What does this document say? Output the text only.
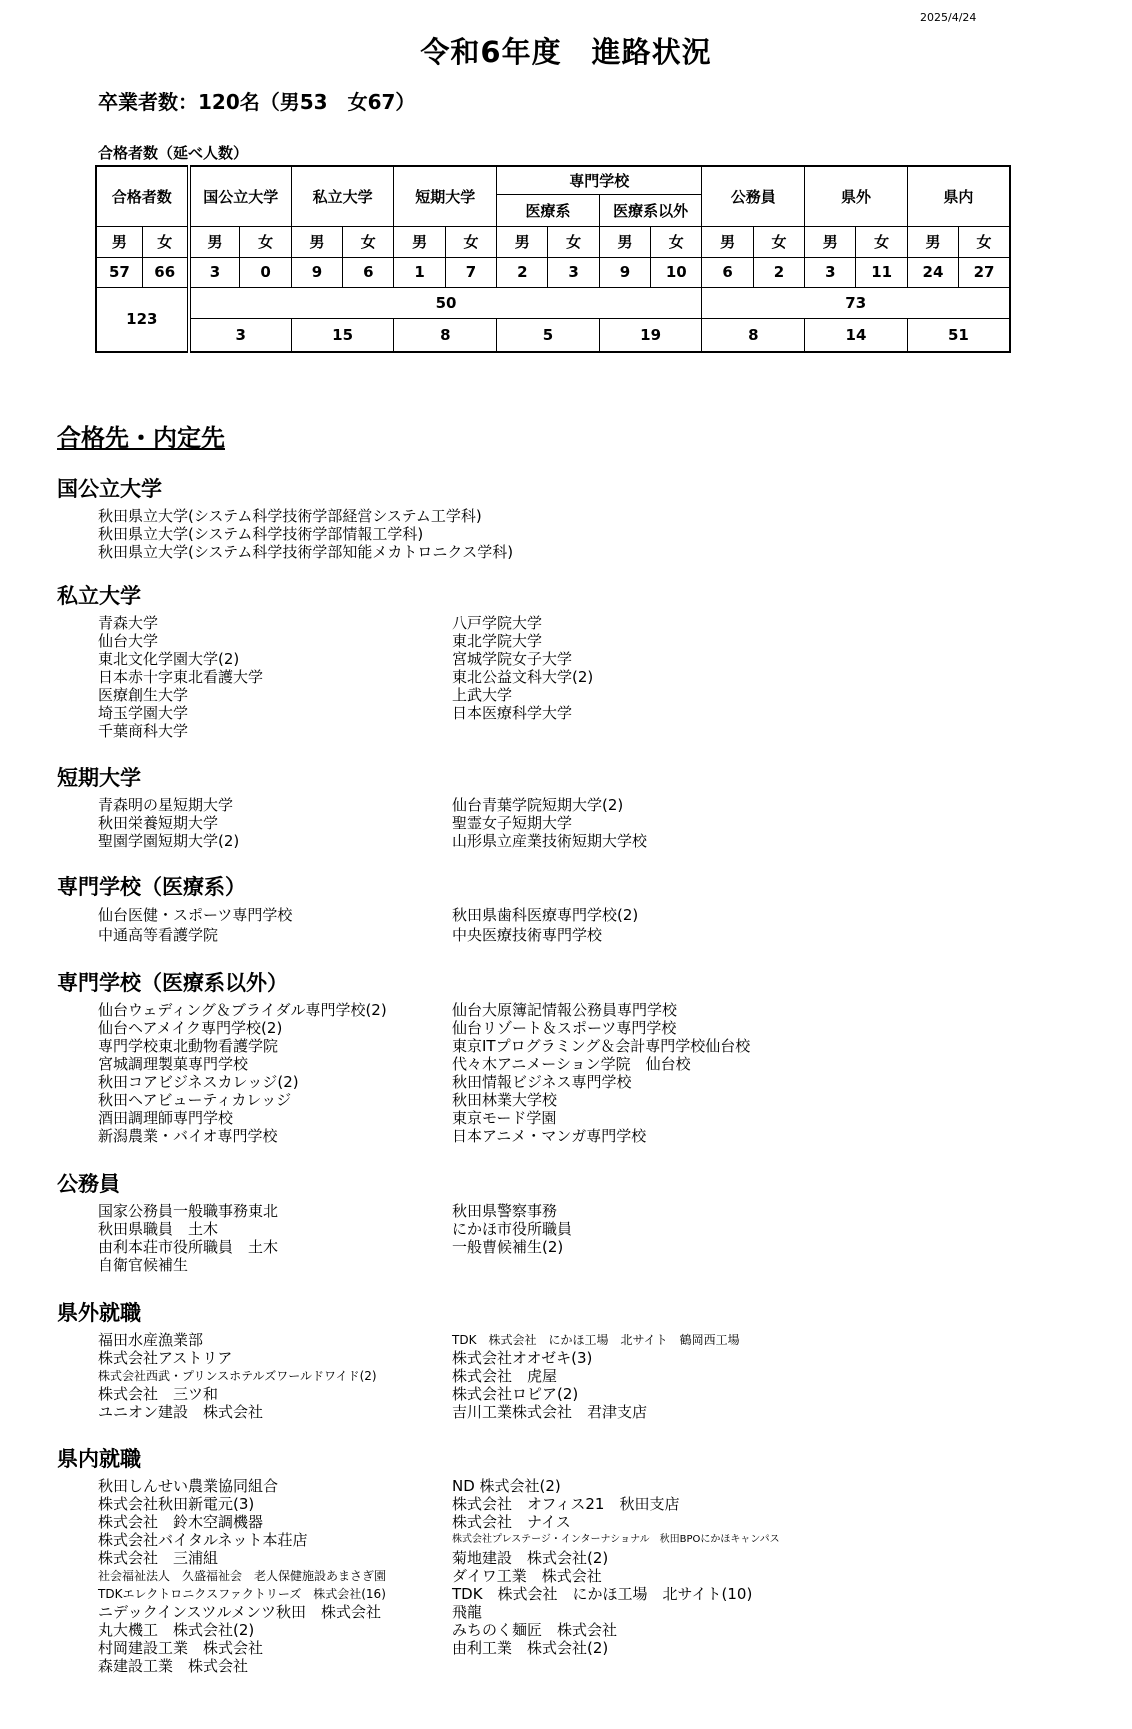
2025/4/24
令和6年度　進路状況
卒業者数：120名（男53　女67）
合格者数（延べ人数）
合格者数		国公立大学		私立大学		短期大学		専門学校				公務員		県外		県内	
								医療系		医療系以外							
男	女	男	女	男	女	男	女	男	女	男	女	男	女	男	女	男	女
57	66	3	0	9	6	1	7	2	3	9	10	6	2	3	11	24	27
123		50										73					
		3		15		8		5		19		8		14		51	
合格先・内定先
国公立大学
秋田県立大学(システム科学技術学部経営システム工学科)
秋田県立大学(システム科学技術学部情報工学科)
秋田県立大学(システム科学技術学部知能メカトロニクス学科)
私立大学
青森大学
仙台大学
東北文化学園大学(2)
日本赤十字東北看護大学
医療創生大学
埼玉学園大学
千葉商科大学
八戸学院大学
東北学院大学
宮城学院女子大学
東北公益文科大学(2)
上武大学
日本医療科学大学
短期大学
青森明の星短期大学
秋田栄養短期大学
聖園学園短期大学(2)
仙台青葉学院短期大学(2)
聖霊女子短期大学
山形県立産業技術短期大学校
専門学校（医療系）
仙台医健・スポーツ専門学校
中通高等看護学院
秋田県歯科医療専門学校(2)
中央医療技術専門学校
専門学校（医療系以外）
仙台ウェディング＆ブライダル専門学校(2)
仙台ヘアメイク専門学校(2)
専門学校東北動物看護学院
宮城調理製菓専門学校
秋田コアビジネスカレッジ(2)
秋田ヘアビューティカレッジ
酒田調理師専門学校
新潟農業・バイオ専門学校
仙台大原簿記情報公務員専門学校
仙台リゾート＆スポーツ専門学校
東京ITプログラミング＆会計専門学校仙台校
代々木アニメーション学院　仙台校
秋田情報ビジネス専門学校
秋田林業大学校
東京モード学園
日本アニメ・マンガ専門学校
公務員
国家公務員一般職事務東北
秋田県職員　土木
由利本荘市役所職員　土木
自衛官候補生
秋田県警察事務
にかほ市役所職員
一般曹候補生(2)
県外就職
福田水産漁業部
株式会社アストリア
株式会社西武・プリンスホテルズワールドワイド(2)
株式会社　三ツ和
ユニオン建設　株式会社
TDK　株式会社　にかほ工場　北サイト　鶴岡西工場
株式会社オオゼキ(3)
株式会社　虎屋
株式会社ロピア(2)
吉川工業株式会社　君津支店
県内就職
秋田しんせい農業協同組合
株式会社秋田新電元(3)
株式会社　鈴木空調機器
株式会社バイタルネット本荘店
株式会社　三浦組
社会福祉法人　久盛福祉会　老人保健施設あまさぎ園
TDKエレクトロニクスファクトリーズ　株式会社(16)
ニデックインスツルメンツ秋田　株式会社
丸大機工　株式会社(2)
村岡建設工業　株式会社
森建設工業　株式会社
ND 株式会社(2)
株式会社　オフィス21　秋田支店
株式会社　ナイス
株式会社プレステージ・インターナショナル　秋田BPOにかほキャンパス
菊地建設　株式会社(2)
ダイワ工業　株式会社
TDK　株式会社　にかほ工場　北サイト(10)
飛龍
みちのく麺匠　株式会社
由利工業　株式会社(2)
